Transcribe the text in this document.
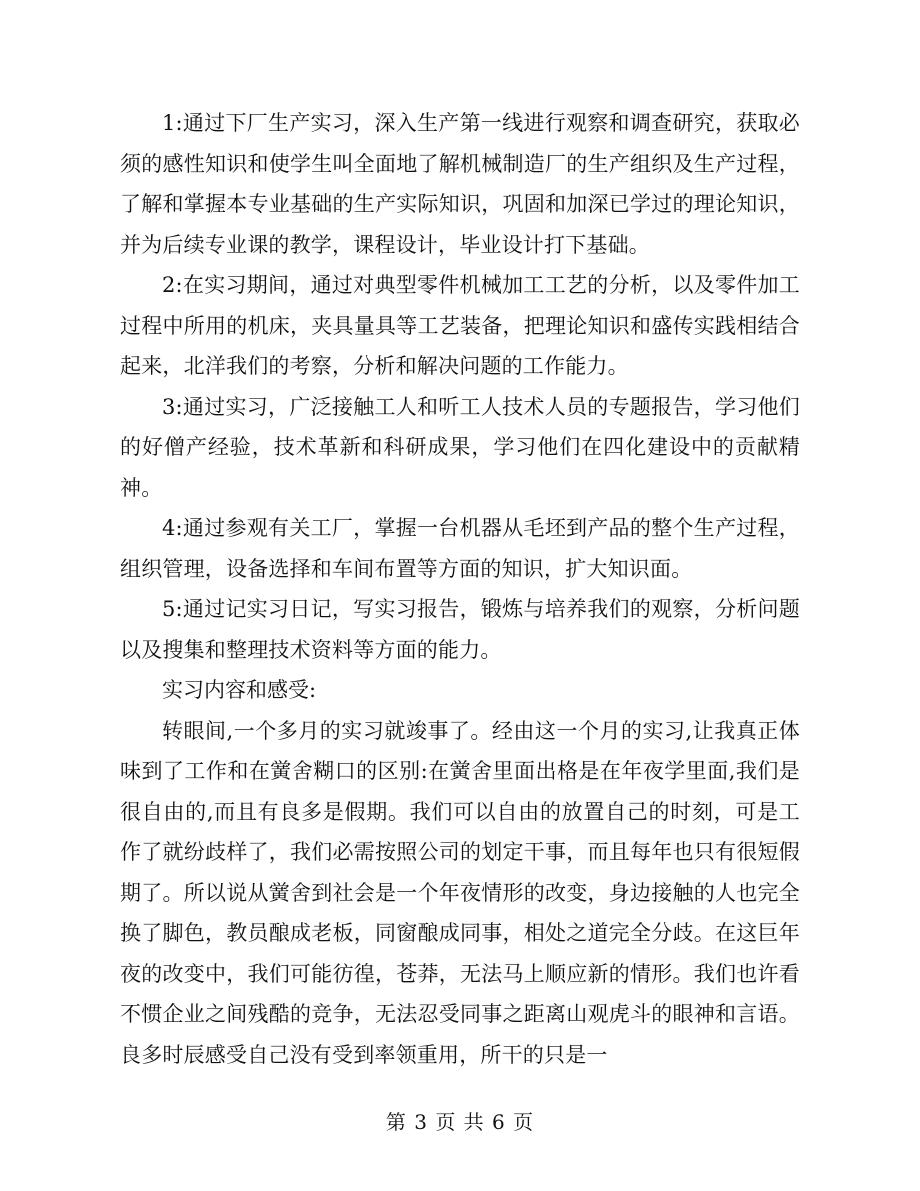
1:通过下厂生产实习，深入生产第一线进行观察和调查研究，获取必须的感性知识和使学生叫全面地了解机械制造厂的生产组织及生产过程，了解和掌握本专业基础的生产实际知识，巩固和加深已学过的理论知识，并为后续专业课的教学，课程设计，毕业设计打下基础。

2:在实习期间，通过对典型零件机械加工工艺的分析，以及零件加工过程中所用的机床，夹具量具等工艺装备，把理论知识和盛传实践相结合起来，北洋我们的考察，分析和解决问题的工作能力。

3:通过实习，广泛接触工人和听工人技术人员的专题报告，学习他们的好僧产经验，技术革新和科研成果，学习他们在四化建设中的贡献精神。

4:通过参观有关工厂，掌握一台机器从毛坯到产品的整个生产过程，组织管理，设备选择和车间布置等方面的知识，扩大知识面。

5:通过记实习日记，写实习报告，锻炼与培养我们的观察，分析问题以及搜集和整理技术资料等方面的能力。

实习内容和感受:

转眼间,一个多月的实习就竣事了。经由这一个月的实习,让我真正体味到了工作和在黉舍糊口的区别:在黉舍里面出格是在年夜学里面,我们是很自由的,而且有良多是假期。我们可以自由的放置自己的时刻，可是工作了就纷歧样了，我们必需按照公司的划定干事，而且每年也只有很短假期了。所以说从黉舍到社会是一个年夜情形的改变，身边接触的人也完全换了脚色，教员酿成老板，同窗酿成同事，相处之道完全分歧。在这巨年夜的改变中，我们可能彷徨，苍莽，无法马上顺应新的情形。我们也许看不惯企业之间残酷的竞争，无法忍受同事之距离山观虎斗的眼神和言语。良多时辰感受自己没有受到率领重用，所干的只是一

第 3 页 共 6 页
